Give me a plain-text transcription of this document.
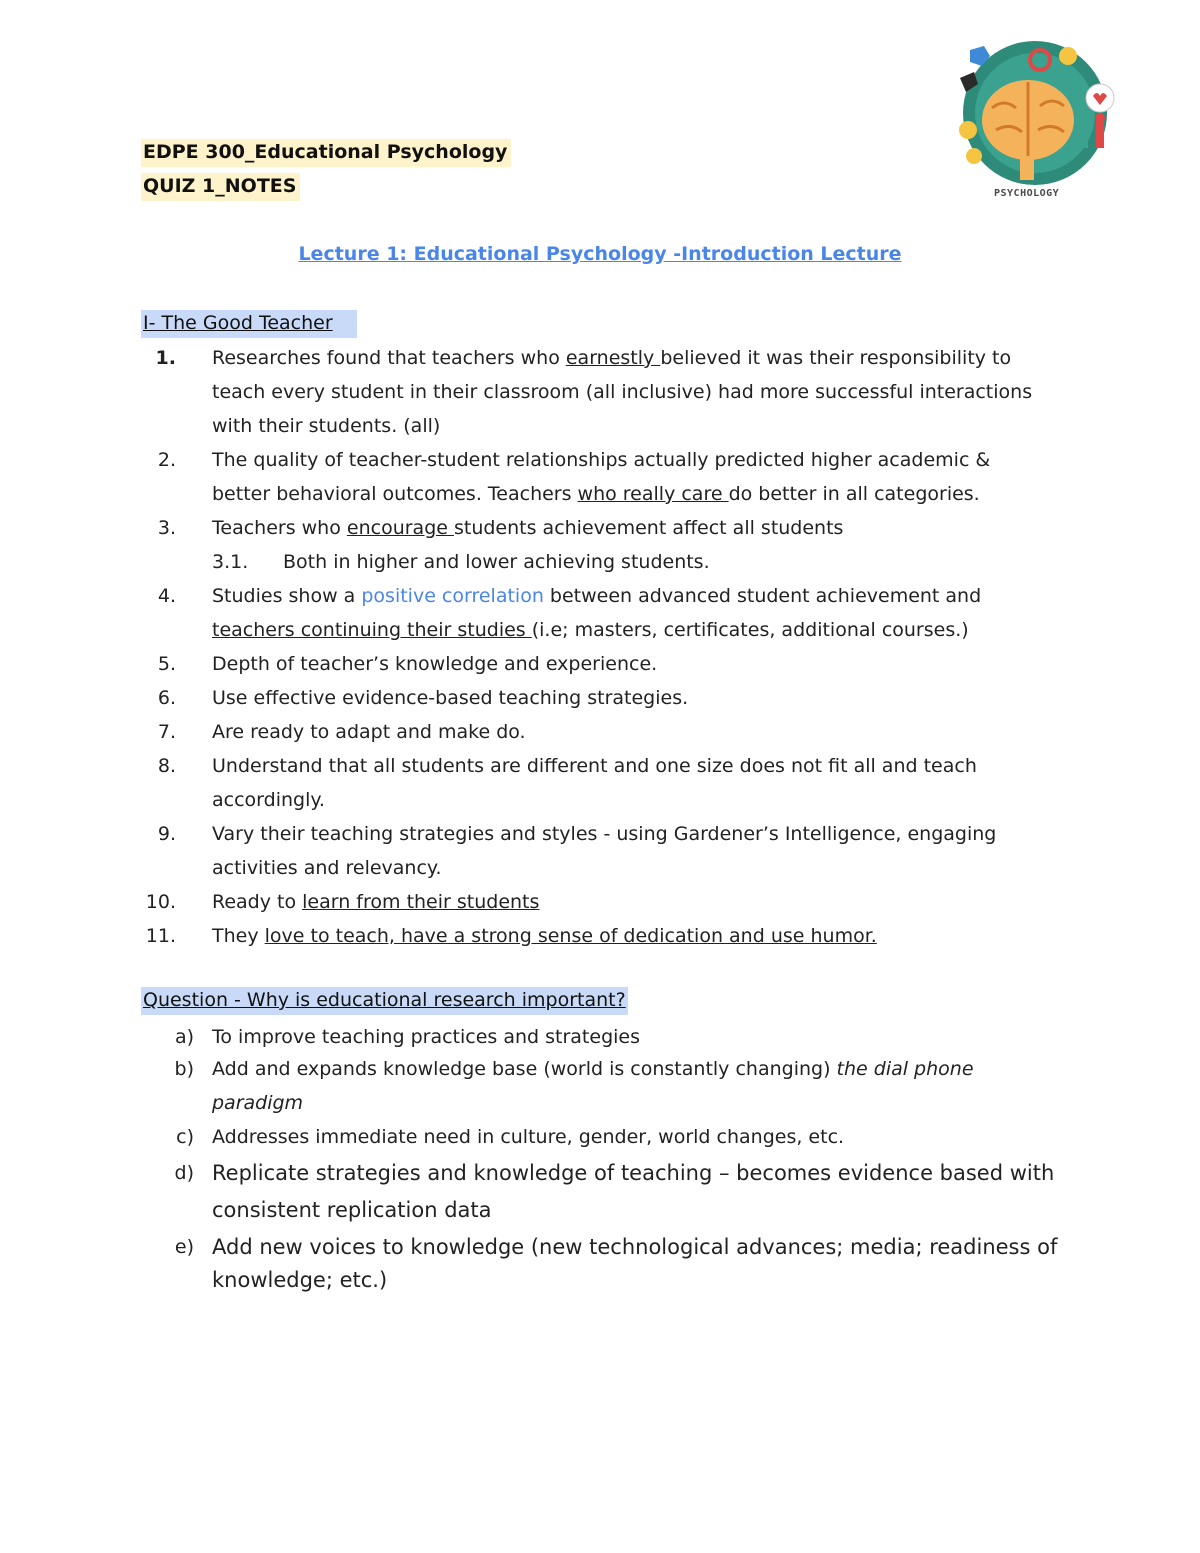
PSYCHOLOGY
EDPE 300_Educational Psychology
QUIZ 1_NOTES
Lecture 1: Educational Psychology -Introduction Lecture
I- The Good Teacher
1. Researches found that teachers who earnestly believed it was their responsibility to
teach every student in their classroom (all inclusive) had more successful interactions
with their students. (all)
2. The quality of teacher-student relationships actually predicted higher academic &
better behavioral outcomes. Teachers who really care do better in all categories.
3. Teachers who encourage students achievement affect all students
3.1. Both in higher and lower achieving students.
4. Studies show a positive correlation between advanced student achievement and
teachers continuing their studies (i.e; masters, certificates, additional courses.)
5. Depth of teacher’s knowledge and experience.
6. Use effective evidence-based teaching strategies.
7. Are ready to adapt and make do.
8. Understand that all students are different and one size does not fit all and teach
accordingly.
9. Vary their teaching strategies and styles - using Gardener’s Intelligence, engaging
activities and relevancy.
10. Ready to learn from their students
11. They love to teach, have a strong sense of dedication and use humor.
Question - Why is educational research important?
a) To improve teaching practices and strategies
b) Add and expands knowledge base (world is constantly changing) the dial phone
paradigm
c) Addresses immediate need in culture, gender, world changes, etc.
d) Replicate strategies and knowledge of teaching – becomes evidence based with
consistent replication data
e) Add new voices to knowledge (new technological advances; media; readiness of
knowledge; etc.)
